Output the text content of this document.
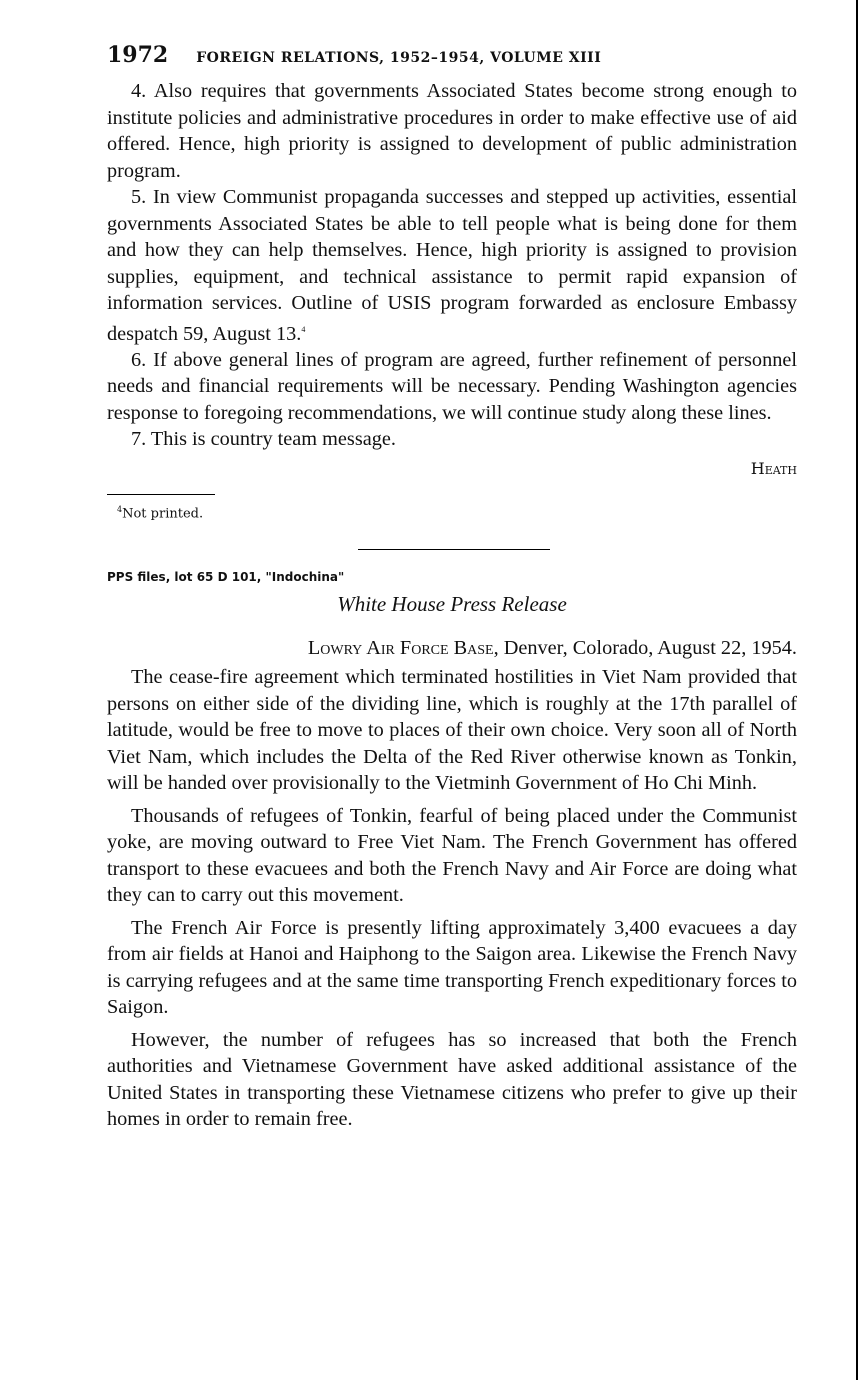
1972 FOREIGN RELATIONS, 1952–1954, VOLUME XIII

4. Also requires that governments Associated States become strong enough to institute policies and administrative procedures in order to make effective use of aid offered. Hence, high priority is assigned to development of public administration program.

5. In view Communist propaganda successes and stepped up activities, essential governments Associated States be able to tell people what is being done for them and how they can help themselves. Hence, high priority is assigned to provision supplies, equipment, and technical assistance to permit rapid expansion of information services. Outline of USIS program forwarded as enclosure Embassy despatch 59, August 13.$^4$

6. If above general lines of program are agreed, further refinement of personnel needs and financial requirements will be necessary. Pending Washington agencies response to foregoing recommendations, we will continue study along these lines.

7. This is country team message.

Heath

$^4$Not printed.

PPS files, lot 65 D 101, "Indochina"
White House Press Release

Lowry Air Force Base, Denver, Colorado, August 22, 1954.

The cease-fire agreement which terminated hostilities in Viet Nam provided that persons on either side of the dividing line, which is roughly at the 17th parallel of latitude, would be free to move to places of their own choice. Very soon all of North Viet Nam, which includes the Delta of the Red River otherwise known as Tonkin, will be handed over provisionally to the Vietminh Government of Ho Chi Minh.

Thousands of refugees of Tonkin, fearful of being placed under the Communist yoke, are moving outward to Free Viet Nam. The French Government has offered transport to these evacuees and both the French Navy and Air Force are doing what they can to carry out this movement.

The French Air Force is presently lifting approximately 3,400 evacuees a day from air fields at Hanoi and Haiphong to the Saigon area. Likewise the French Navy is carrying refugees and at the same time transporting French expeditionary forces to Saigon.

However, the number of refugees has so increased that both the French authorities and Vietnamese Government have asked additional assistance of the United States in transporting these Vietnamese citizens who prefer to give up their homes in order to remain free.
